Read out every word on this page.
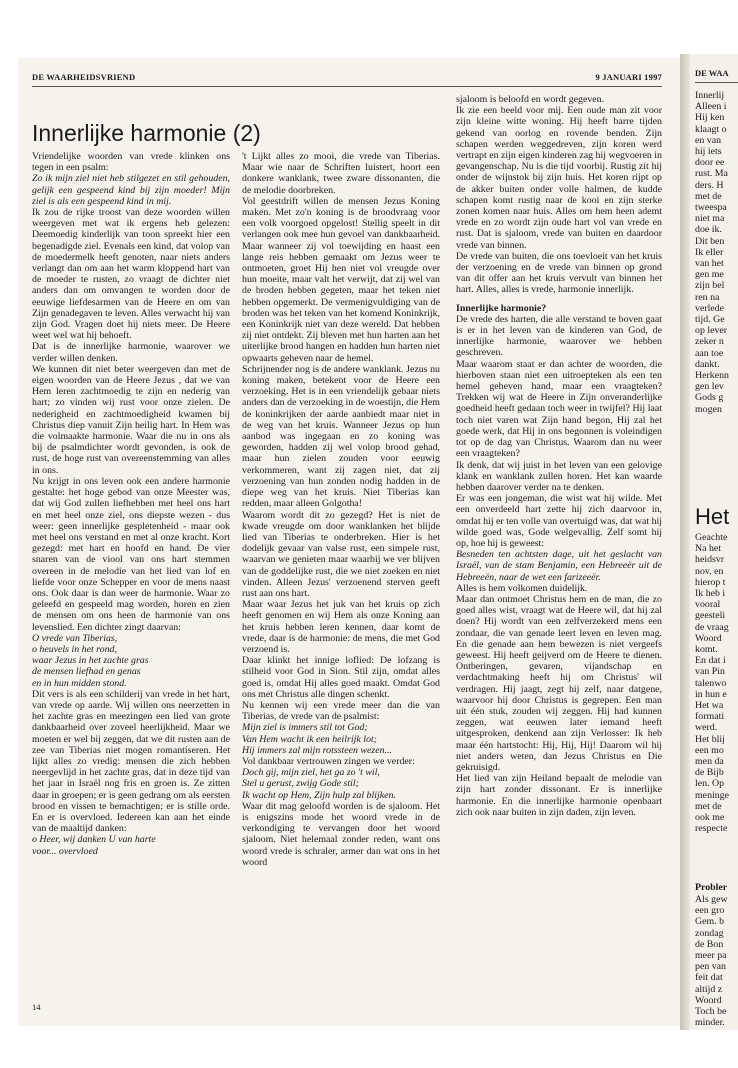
DE WAARHEIDSVRIEND	9 JANUARI 1997
Innerlijke harmonie (2)

Vriendelijke woorden van vrede klinken ons tegen in een psalm:

Zo ik mijn ziel niet heb stilgezet en stil gehouden, gelijk een gespeend kind bij zijn moeder! Mijn ziel is als een gespeend kind in mij.

Ik zou de rijke troost van deze woorden willen weergeven met wat ik ergens heb gelezen: Deemoedig kinderlijk van toon spreekt hier een begenadigde ziel. Evenals een kind, dat volop van de moedermelk heeft genoten, naar niets anders verlangt dan om aan het warm kloppend hart van de moeder te rusten, zo vraagt de dichter niet anders dan om omvangen te worden door de eeuwige liefdesarmen van de Heere en om van Zijn genadegaven te leven. Alles verwacht hij van zijn God. Vragen doet hij niets meer. De Heere weet wel wat hij behoeft.

Dat is de innerlijke harmonie, waarover we verder willen denken.

We kunnen dit niet beter weergeven dan met de eigen woorden van de Heere Jezus , dat we van Hem leren zachtmoedig te zijn en nederig van hart; zo vinden wij rust voor onze zielen. De nederigheid en zachtmoedigheid kwamen bij Christus diep vanuit Zijn heilig hart. In Hem was die volmaakte harmonie. Waar die nu in ons als bij de psalmdichter wordt gevonden, is ook de rust, de hoge rust van overeenstemming van alles in ons.

Nu krijgt in ons leven ook een andere harmonie gestalte: het hoge gebod van onze Meester was, dat wij God zullen liefhebben met heel ons hart en met heel onze ziel, ons diepste wezen - dus weer: geen innerlijke gespletenheid - maar ook met heel ons verstand en met al onze kracht. Kort gezegd: met hart en hoofd en hand. De vier snaren van de viool van ons hart stemmen overeen in de melodie van het lied van lof en liefde voor onze Schepper en voor de mens naast ons. Ook daar is dan weer de harmonie. Waar zo geleefd en gespeeld mag worden, horen en zien de mensen om ons heen de harmonie van ons levenslied. Een dichter zingt daarvan:

O vrede van Tiberias,
o heuvels in het rond,
waar Jezus in het zachte gras
de mensen liefhad en genas
en in hun midden stond.

Dit vers is als een schilderij van vrede in het hart, van vrede op aarde. Wij willen ons neerzetten in het zachte gras en meezingen een lied van grote dankbaarheid over zoveel heerlijkheid. Maar we moeten er wel bij zeggen, dat we dit rusten aan de zee van Tiberias niet mogen romantiseren. Het lijkt alles zo vredig: mensen die zich hebben neergevlijd in het zachte gras, dat in deze tijd van het jaar in Israël nog fris en groen is. Ze zitten daar in groepen; er is geen gedrang om als eersten brood en vissen te bemachtigen; er is stille orde. En er is overvloed. Iedereen kan aan het einde van de maaltijd danken:

o Heer, wij danken U van harte
voor... overvloed

't Lijkt alles zo mooi, die vrede van Tiberias. Maar wie naar de Schriften luistert, hoort een donkere wanklank, twee zware dissonanten, die de melodie doorbreken.

Vol geestdrift willen de mensen Jezus Koning maken. Met zo'n koning is de broodvraag voor een volk voorgoed opgelost! Stellig speelt in dit verlangen ook mee hun gevoel van dankbaarheid. Maar wanneer zij vol toewijding en haast een lange reis hebben gemaakt om Jezus weer te ontmoeten, groet Hij hen niet vol vreugde over hun moeite, maar valt het verwijt, dat zij wel van de broden hebben gegeten, maar het teken niet hebben opgemerkt. De vermenigvuldiging van de broden was het teken van het komend Koninkrijk, een Koninkrijk niet van deze wereld. Dat hebben zij niet ontdekt. Zij bleven met hun harten aan het uiterlijke brood hangen en hadden hun harten niet opwaarts geheven naar de hemel.

Schrijnender nog is de andere wanklank. Jezus nu koning maken, betekent voor de Heere een verzoeking. Het is in een vriendelijk gebaar niets anders dan de verzoeking in de woestijn, die Hem de koninkrijken der aarde aanbiedt maar niet in de weg van het kruis. Wanneer Jezus op hun aanbod was ingegaan en zo koning was geworden, hadden zij wel volop brood gehad, maar hun zielen zouden voor eeuwig verkommeren, want zij zagen niet, dat zij verzoening van hun zonden nodig hadden in de diepe weg van het kruis. Niet Tiberias kan redden, maar alleen Golgotha!

Waarom wordt dit zo gezegd? Het is niet de kwade vreugde om door wanklanken het blijde lied van Tiberias te onderbreken. Hier is het dodelijk gevaar van valse rust, een simpele rust, waarvan we genieten maar waarbij we ver blijven van de goddelijke rust, die we niet zoeken en niet vinden. Alleen Jezus' verzoenend sterven geeft rust aan ons hart.

Maar waar Jezus het juk van het kruis op zich heeft genomen en wij Hem als onze Koning aan het kruis hebben leren kennen, daar komt de vrede, daar is de harmonie: de mens, die met God verzoend is.

Daar klinkt het innige loflied: De lofzang is stilheid voor God in Sion. Stil zijn, omdat alles goed is, omdat Hij alles goed maakt. Omdat God ons met Christus alle dingen schenkt.

Nu kennen wij een vrede meer dan die van Tiberias, de vrede van de psalmist:

Mijn ziel is immers stil tot God;
Van Hem wacht ik een heilrijk lot;
Hij immers zal mijn rotssteen wezen...

Vol dankbaar vertrouwen zingen we verder:

Doch gij, mijn ziel, het ga zo 't wil,
Stel u gerust, zwijg Gode stil;
Ik wacht op Hem, Zijn hulp zal blijken.

Waar dit mag geloofd worden is de sjaloom. Het is enigszins mode het woord vrede in de verkondiging te vervangen door het woord sjaloom. Niet helemaal zonder reden, want ons woord vrede is schraler, armer dan wat ons in het woord

sjaloom is beloofd en wordt gegeven.

Ik zie een beeld voor mij. Een oude man zit voor zijn kleine witte woning. Hij heeft barre tijden gekend van oorlog en rovende benden. Zijn schapen werden weggedreven, zijn koren werd vertrapt en zijn eigen kinderen zag hij wegvoeren in gevangenschap. Nu is die tijd voorbij. Rustig zit hij onder de wijnstok bij zijn huis. Het koren rijpt op de akker buiten onder volle halmen, de kudde schapen komt rustig naar de kooi en zijn sterke zonen komen naar huis. Alles om hem heen ademt vrede en zo wordt zijn oude hart vol van vrede en rust. Dat is sjaloom, vrede van buiten en daardoor vrede van binnen.

De vrede van buiten, die ons toevloeit van het kruis der verzoening en de vrede van binnen op grond van dit offer aan het kruis vervult van binnen het hart. Alles, alles is vrede, harmonie innerlijk.

Innerlijke harmonie?

De vrede des harten, die alle verstand te boven gaat is er in het leven van de kinderen van God, de innerlijke harmonie, waarover we hebben geschreven.

Maar waarom staat er dan achter de woorden, die hierboven staan niet een uitroepteken als een ten hemel geheven hand, maar een vraagteken? Trekken wij wat de Heere in Zijn onveranderlijke goedheid heeft gedaan toch weer in twijfel? Hij laat toch niet varen wat Zijn hand begon, Hij zal het goede werk, dat Hij in ons begonnen is voleindigen tot op de dag van Christus. Waarom dan nu weer een vraagteken?

Ik denk, dat wij juist in het leven van een gelovige klank en wanklank zullen horen. Het kan waarde hebben daarover verder na te denken.

Er was een jongeman, die wist wat hij wilde. Met een onverdeeld hart zette hij zich daarvoor in, omdat hij er ten volle van overtuigd was, dat wat hij wilde goed was, Gode welgevallig. Zelf somt hij op, hoe hij is geweest:

Besneden ten achtsten dage, uit het geslacht van Israël, van de stam Benjamin, een Hebreeër uit de Hebreeën, naar de wet een farizeeër.

Alles is hem volkomen duidelijk.

Maar dan ontmoet Christus hem en de man, die zo goed alles wist, vraagt wat de Heere wil, dat hij zal doen? Hij wordt van een zelfverzekerd mens een zondaar, die van genade leert leven en leven mag. En die genade aan hem bewezen is niet vergeefs geweest. Hij heeft geijverd om de Heere te dienen. Ontberingen, gevaren, vijandschap en verdachtmaking heeft hij om Christus' wil verdragen. Hij jaagt, zegt hij zelf, naar datgene, waarvoor hij door Christus is gegrepen. Een man uit één stuk, zouden wij zeggen. Hij had kunnen zeggen, wat eeuwen later iemand heeft uitgesproken, denkend aan zijn Verlosser: Ik heb maar één hartstocht: Hij, Hij, Hij! Daarom wil hij niet anders weten, dan Jezus Christus en Die gekruisigd.

Het lied van zijn Heiland bepaalt de melodie van zijn hart zonder dissonant. Er is innerlijke harmonie. En die innerlijke harmonie openbaart zich ook naar buiten in zijn daden, zijn leven.

14
DE WAA
Innerlij
Alleen i
Hij ken
klaagt o
en van
hij iets
door ee
rust. Ma
ders. H
met de
tweespa
niet ma
doe ik.
Dit ben
Ik eller
van het
gen me
zijn bel
ren na
verlede
tijd. Ge
op lever
zeker n
aan toe
dankt.
Herkenn
gen lev
Gods g
mogen
Het
Geachte
Na het
heidsvr
nov. en
hierop t
Ik heb i
vooral
geesteli
de vraag
Woord
komt.
En dat i
van Pin
talenwo
in hun e
Het wa
formati
werd.
Het blij
een mo
men da
de Bijb
len. Op
meninge
met de
ook me
respecte
Probler
Als gew
een gro
Gem. b
zondag
de Bon
meer pa
pen van
feit dat
altijd z
Woord
Toch be
minder.
